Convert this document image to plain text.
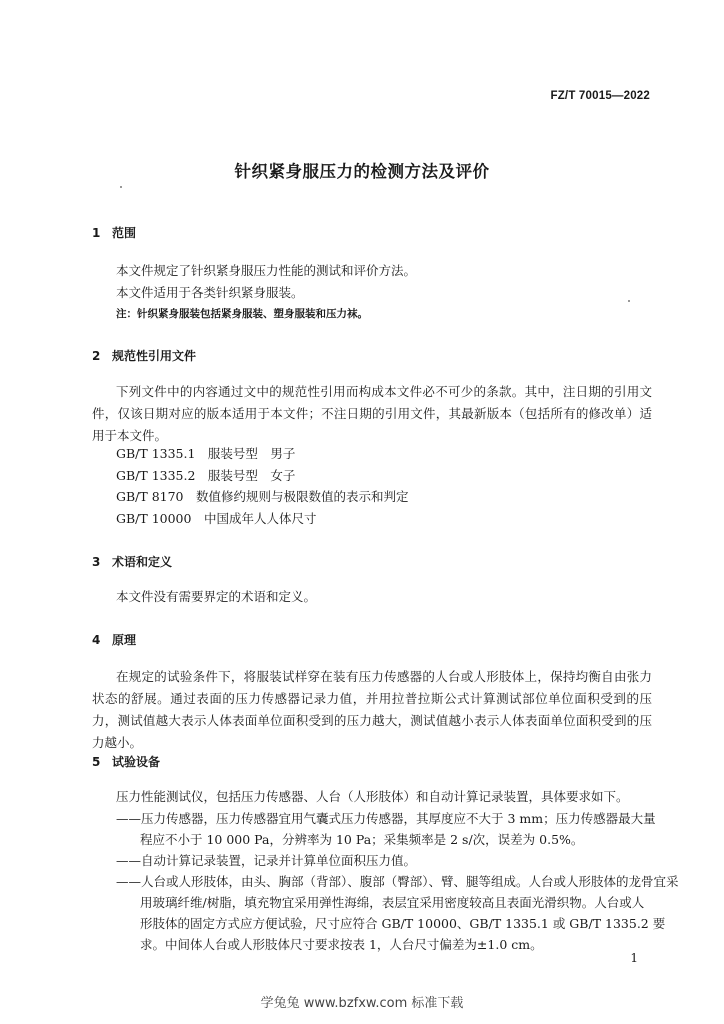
FZ/T 70015—2022
针织紧身服压力的检测方法及评价
1 范围
本文件规定了针织紧身服压力性能的测试和评价方法。
本文件适用于各类针织紧身服装。
注：针织紧身服装包括紧身服装、塑身服装和压力袜。
2 规范性引用文件
下列文件中的内容通过文中的规范性引用而构成本文件必不可少的条款。其中，注日期的引用文件，仅该日期对应的版本适用于本文件；不注日期的引用文件，其最新版本（包括所有的修改单）适用于本文件。
GB/T 1335.1　服装号型　男子
GB/T 1335.2　服装号型　女子
GB/T 8170　数值修约规则与极限数值的表示和判定
GB/T 10000　中国成年人人体尺寸
3 术语和定义
本文件没有需要界定的术语和定义。
4 原理
在规定的试验条件下，将服装试样穿在装有压力传感器的人台或人形肢体上，保持均衡自由张力状态的舒展。通过表面的压力传感器记录力值，并用拉普拉斯公式计算测试部位单位面积受到的压力，测试值越大表示人体表面单位面积受到的压力越大，测试值越小表示人体表面单位面积受到的压力越小。
5 试验设备
压力性能测试仪，包括压力传感器、人台（人形肢体）和自动计算记录装置，具体要求如下。
——压力传感器，压力传感器宜用气囊式压力传感器，其厚度应不大于 3 mm；压力传感器最大量
程应不小于 10 000 Pa，分辨率为 10 Pa；采集频率是 2 s/次，误差为 0.5%。
——自动计算记录装置，记录并计算单位面积压力值。
——人台或人形肢体，由头、胸部（背部）、腹部（臀部）、臂、腿等组成。人台或人形肢体的龙骨宜采
用玻璃纤维/树脂，填充物宜采用弹性海绵，表层宜采用密度较高且表面光滑织物。人台或人
形肢体的固定方式应方便试验，尺寸应符合 GB/T 10000、GB/T 1335.1 或 GB/T 1335.2 要
求。中间体人台或人形肢体尺寸要求按表 1，人台尺寸偏差为±1.0 cm。
1
学兔兔 www.bzfxw.com 标准下载
